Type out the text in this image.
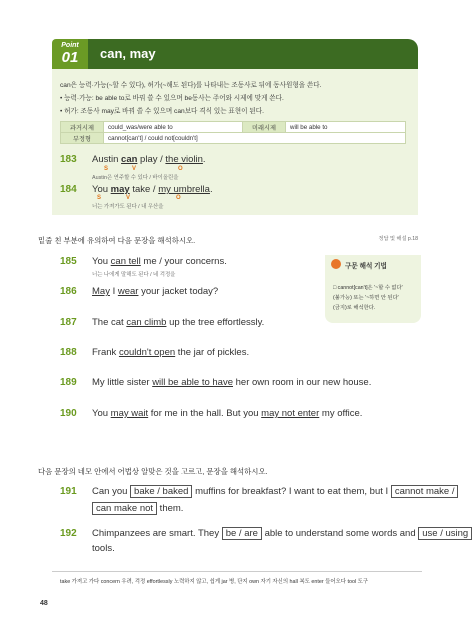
Point
01	can, may
can은 능력·가능(~할 수 있다), 허가(~해도 된다)를 나타내는 조동사로 뒤에 동사원형을 쓴다.
• 능력·가능: be able to로 바꿔 쓸 수 있으며 be동사는 주어와 시제에 맞게 쓴다.
• 허가: 조동사 may로 바꿔 쓸 수 있으며 can보다 격식 있는 표현이 된다.
과거시제	could_was/were able to	미래시제	will be able to
부정형	cannot[can't] / could not[couldn't]		
183 Austin can play / the violin.
S	V	O
Austin은 연주할 수 있다 / 바이올린을
184 You may take / my umbrella.
S	V	O
너는 가져가도 된다 / 내 우산을
밑줄 친 부분에 유의하여 다음 문장을 해석하시오.	정답 및 해설 p.18
185 You can tell me / your concerns.
너는 나에게 말해도 된다 / 네 걱정을
186 May I wear your jacket today?
187 The cat can climb up the tree effortlessly.
188 Frank couldn't open the jar of pickles.
189 My little sister will be able to have her own room in our new house.
190 You may wait for me in the hall. But you may not enter my office.
구문 해석 기법
□ cannot[can't]은 '~할 수 없다'
(불가능) 또는 '~하면 안 된다'
(금지)로 해석한다.
다음 문장의 네모 안에서 어법상 알맞은 것을 고르고, 문장을 해석하시오.
191 Can you bake / baked muffins for breakfast? I want to eat them, but I cannot make /
can make not them.
192 Chimpanzees are smart. They be / are able to understand some words and use / using
tools.
take 가져고 가다 concern 우려, 걱정 effortlessly 노력하지 않고, 쉽게 jar 병, 단지 own 자기 자신의 hall 복도 enter 들어오다 tool 도구
48
